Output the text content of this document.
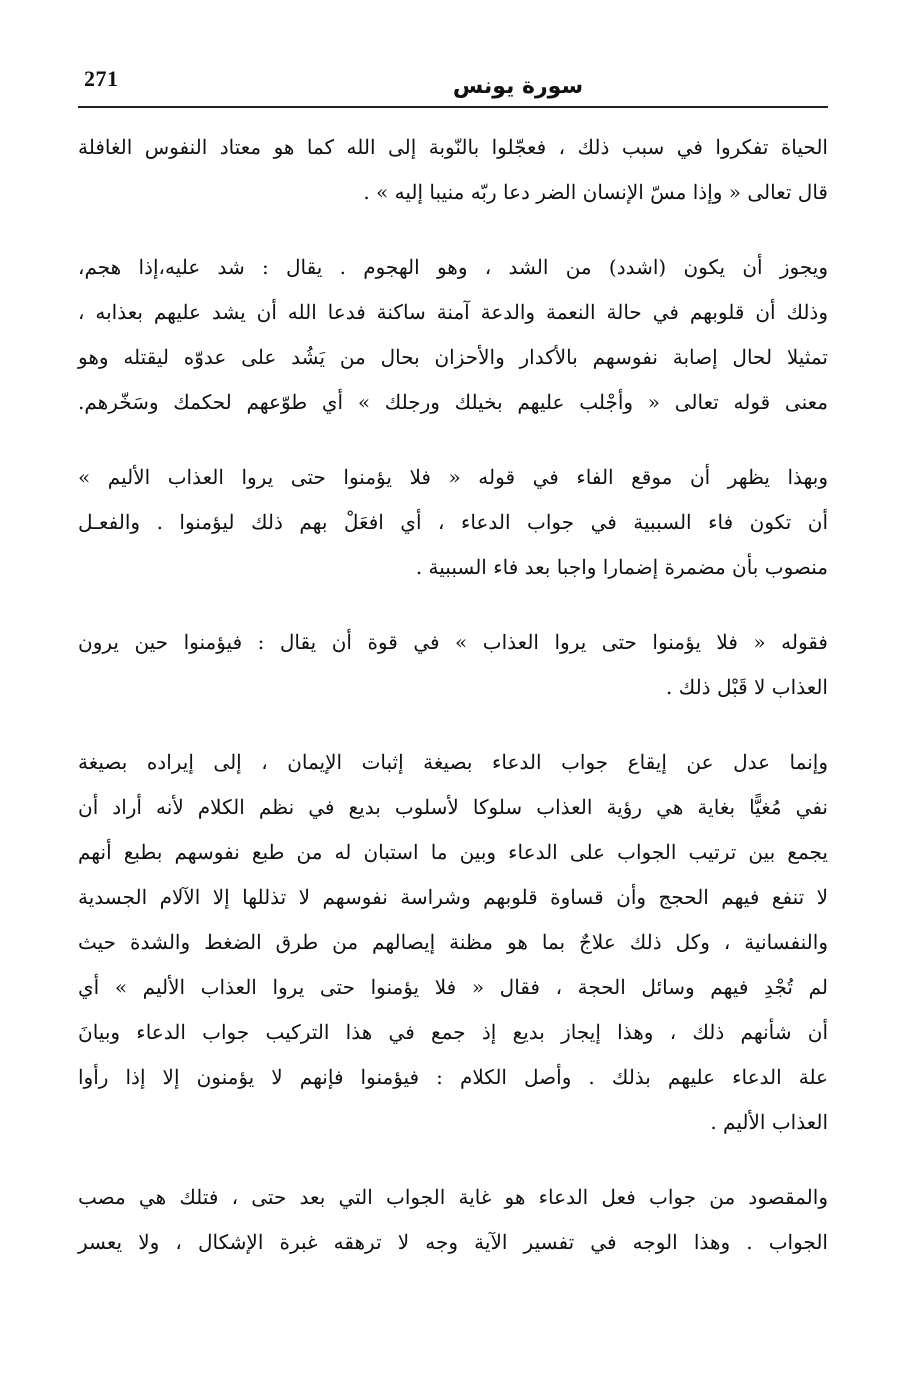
271	سورة يونس
الحياة تفكروا في سبب ذلك ، فعجّلوا بالنّوبة إلى الله كما هو معتاد النفوس الغافلة
قال تعالى « وإذا مسّ الإنسان الضر دعا ربّه منيبا إليه » .
ويجوز أن يكون (اشدد) من الشد ، وهو الهجوم . يقال : شد عليه،إذا هجم،
وذلك أن قلوبهم في حالة النعمة والدعة آمنة ساكنة فدعا الله أن يشد عليهم بعذابه ،
تمثيلا لحال إصابة نفوسهم بالأكدار والأحزان بحال من يَشُد على عدوّه ليقتله وهو
معنى قوله تعالى « وأجْلب عليهم بخيلك ورجلك » أي طوّعهم لحكمك وسَخّرهم.
وبهذا يظهر أن موقع الفاء في قوله « فلا يؤمنوا حتى يروا العذاب الأليم »
أن تكون فاء السببية في جواب الدعاء ، أي افعَلْ بهم ذلك ليؤمنوا . والفعـل
منصوب بأن مضمرة إضمارا واجبا بعد فاء السببية .
فقوله « فلا يؤمنوا حتى يروا العذاب » في قوة أن يقال : فيؤمنوا حين يرون
العذاب لا قَبْل ذلك .
وإنما عدل عن إيقاع جواب الدعاء بصيغة إثبات الإيمان ، إلى إيراده بصيغة
نفي مُغيًّا بغاية هي رؤية العذاب سلوكا لأسلوب بديع في نظم الكلام لأنه أراد أن
يجمع بين ترتيب الجواب على الدعاء وبين ما استبان له من طبع نفوسهم بطبع أنهم
لا تنفع فيهم الحجج وأن قساوة قلوبهم وشراسة نفوسهم لا تذللها إلا الآلام الجسدية
والنفسانية ، وكل ذلك علاجٌ بما هو مظنة إيصالهم من طرق الضغط والشدة حيث
لم تُجْدِ فيهم وسائل الحجة ، فقال « فلا يؤمنوا حتى يروا العذاب الأليم » أي
أن شأنهم ذلك ، وهذا إيجاز بديع إذ جمع في هذا التركيب جواب الدعاء وبيانَ
علة الدعاء عليهم بذلك . وأصل الكلام : فيؤمنوا فإنهم لا يؤمنون إلا إذا رأوا
العذاب الأليم .
والمقصود من جواب فعل الدعاء هو غاية الجواب التي بعد حتى ، فتلك هي مصب
الجواب . وهذا الوجه في تفسير الآية وجه لا ترهقه غبرة الإشكال ، ولا يعسر
